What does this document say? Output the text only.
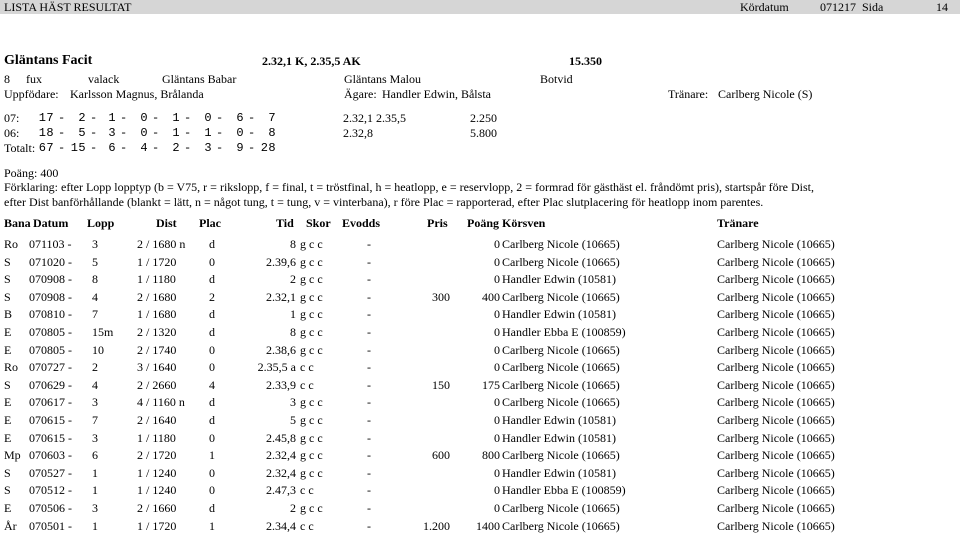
LISTA HÄST RESULTAT	Kördatum	071217 Sida	14
Gläntans Facit	2.32,1 K, 2.35,5 AK	15.350
8 fux	valack	Gläntans Babar	Gläntans Malou	Botvid
Uppfödare: Karlsson Magnus, Brålanda	Ägare: Handler Edwin, Bålsta	Tränare: Carlberg Nicole (S)
07:	17 -	2 - 1 -	0 -	1 -	0 -	6 -	7	2.32,1 2.35,5	2.250
06:	18 -	5 - 3 -	0 -	1 -	1 -	0 -	8	2.32,8	5.800
Totalt: 67 - 15 - 6 -	4 -	2 -	3 -	9 - 28
Poäng: 400
Förklaring: efter Lopp lopptyp (b = V75, r = rikslopp, f = final, t = tröstfinal, h = heatlopp, e = reservlopp, 2 = formrad för gästhäst el. fråndömt pris), startspår före Dist,
efter Dist banförhållande (blankt = lätt, n = något tung, t = tung, v = vinterbana), r före Plac = rapporterad, efter Plac slutplacering för heatlopp inom parentes.
Bana Datum Lopp	Dist Plac	Tid Skor Evodds	Pris Poäng Körsven	Tränare
Ro 071103 -	3	2 / 1680 n	d	8 g c c	-	0 Carlberg Nicole (10665)	Carlberg Nicole (10665)
S	071020 -	5	1 / 1720	0	2.39,6 g c c	-	0 Carlberg Nicole (10665)	Carlberg Nicole (10665)
S	070908 -	8	1 / 1180	d	2 g c c	-	0 Handler Edwin (10581)	Carlberg Nicole (10665)
S	070908 -	4	2 / 1680	2	2.32,1 g c c	-	300	400 Carlberg Nicole (10665)	Carlberg Nicole (10665)
B	070810 -	7	1 / 1680	d	1 g c c	-	0 Handler Edwin (10581)	Carlberg Nicole (10665)
E	070805 -	15m	2 / 1320	d	8 g c c	-	0 Handler Ebba E (100859)	Carlberg Nicole (10665)
E	070805 -	10	2 / 1740	0	2.38,6 g c c	-	0 Carlberg Nicole (10665)	Carlberg Nicole (10665)
Ro 070727 -	2	3 / 1640	0	2.35,5 a c c	-	0 Carlberg Nicole (10665)	Carlberg Nicole (10665)
S	070629 -	4	2 / 2660	4	2.33,9 c c	-	150	175 Carlberg Nicole (10665)	Carlberg Nicole (10665)
E	070617 -	3	4 / 1160 n	d	3 g c c	-	0 Carlberg Nicole (10665)	Carlberg Nicole (10665)
E	070615 -	7	2 / 1640	d	5 g c c	-	0 Handler Edwin (10581)	Carlberg Nicole (10665)
E	070615 -	3	1 / 1180	0	2.45,8 g c c	-	0 Handler Edwin (10581)	Carlberg Nicole (10665)
Mp 070603 -	6	2 / 1720	1	2.32,4 g c c	-	600	800 Carlberg Nicole (10665)	Carlberg Nicole (10665)
S	070527 -	1	1 / 1240	0	2.32,4 g c c	-	0 Handler Edwin (10581)	Carlberg Nicole (10665)
S	070512 -	1	1 / 1240	0	2.47,3 c c	-	0 Handler Ebba E (100859)	Carlberg Nicole (10665)
E	070506 -	3	2 / 1660	d	2 g c c	-	0 Carlberg Nicole (10665)	Carlberg Nicole (10665)
År	070501 -	1	1 / 1720	1	2.34,4 c c	-	1.200	1400 Carlberg Nicole (10665)	Carlberg Nicole (10665)
